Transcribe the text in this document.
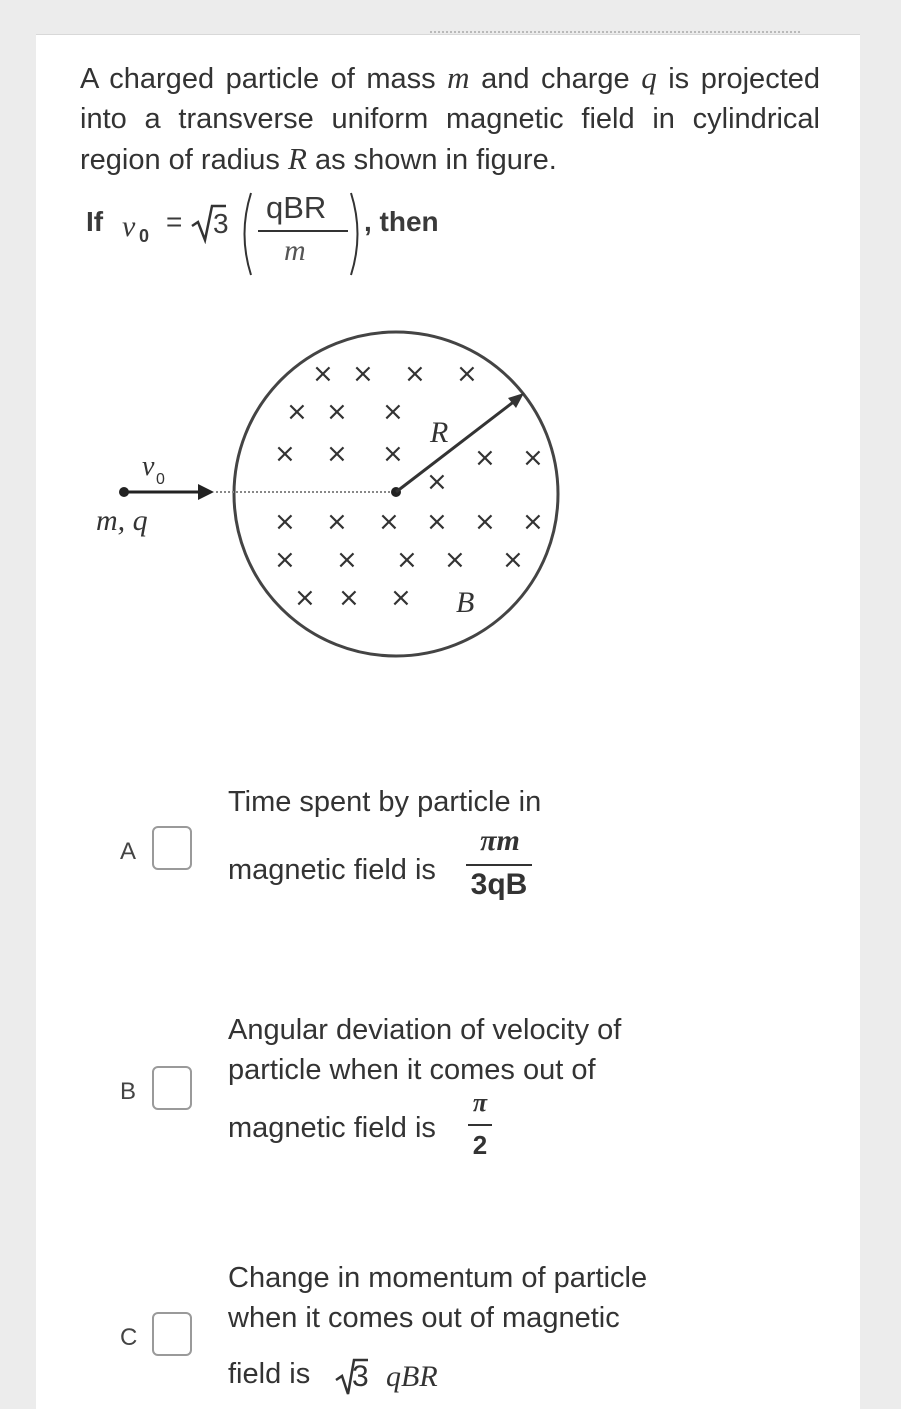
A charged particle of mass m and charge q is projected into a transverse uniform magnetic field in cylindrical region of radius R as shown in figure.
If v 0 = 3 qBR
m
, then
v 0
m, q
R
B
× × × ×
× × ×
× × ×	× ×
×
× × × × × ×
× × × × ×
× × ×
A
Time spent by particle in
magnetic field is
πm
3qB
B
Angular deviation of velocity of
particle when it comes out of
magnetic field is
π
2
C
Change in momentum of particle
when it comes out of magnetic
field is 3 qBR
